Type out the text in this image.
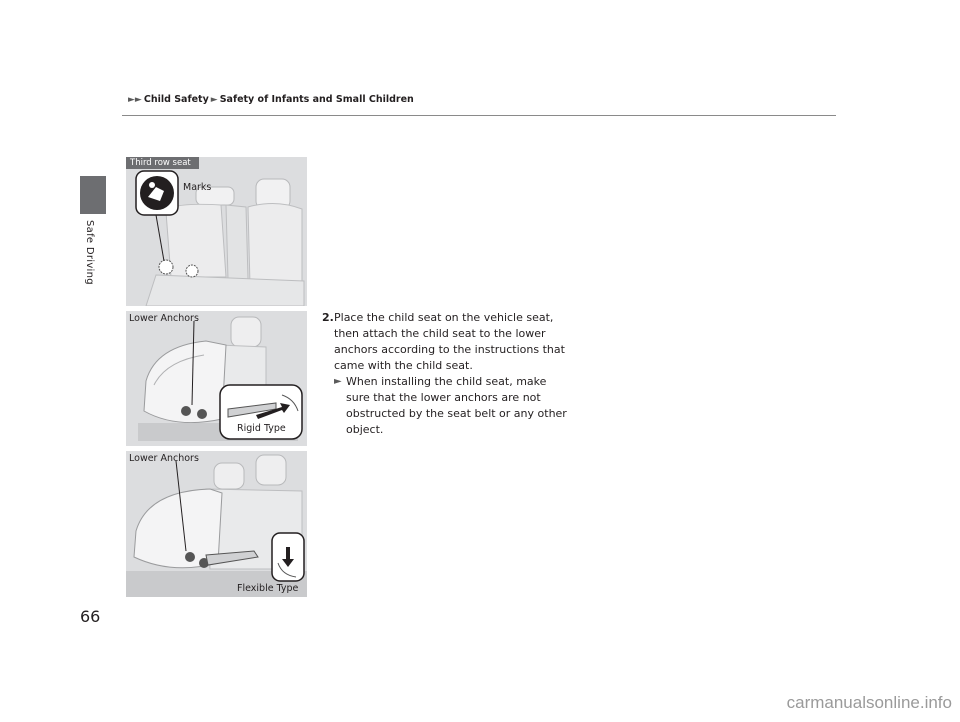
►► Child Safety ► Safety of Infants and Small Children
Safe Driving
Third row seat
Marks
Lower Anchors
Rigid Type
Lower Anchors
Flexible Type
2. Place the child seat on the vehicle seat, then attach the child seat to the lower anchors according to the instructions that came with the child seat.
► When installing the child seat, make sure that the lower anchors are not obstructed by the seat belt or any other object.
66
carmanualsonline.info
